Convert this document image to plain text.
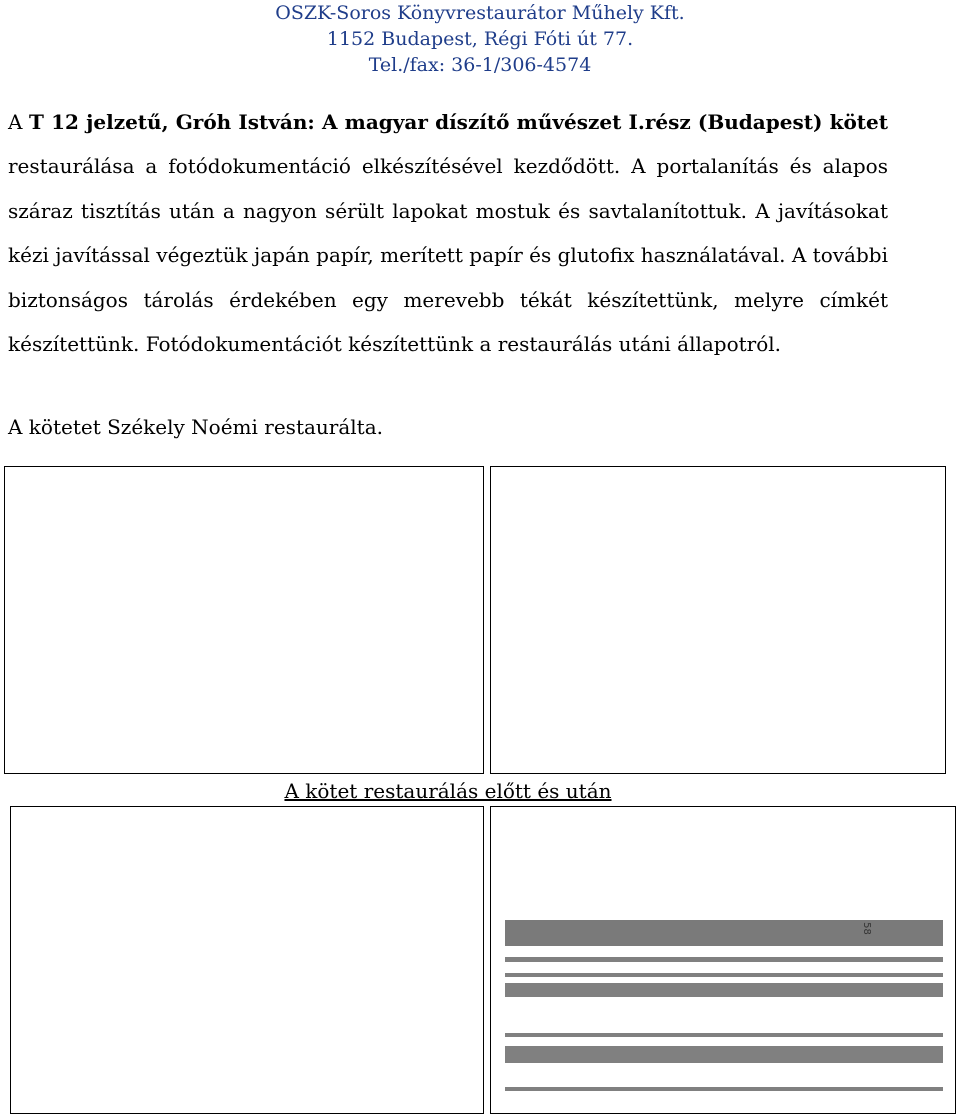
OSZK-Soros Könyvrestaurátor Műhely Kft.
1152 Budapest, Régi Fóti út 77.
Tel./fax: 36-1/306-4574

A T 12 jelzetű, Gróh István: A magyar díszítő művészet I.rész (Budapest) kötet restaurálása a fotódokumentáció elkészítésével kezdődött. A portalanítás és alapos száraz tisztítás után a nagyon sérült lapokat mostuk és savtalanítottuk. A javításokat kézi javítással végeztük japán papír, merített papír és glutofix használatával. A további biztonságos tárolás érdekében egy merevebb tékát készítettünk, melyre címkét készítettünk. Fotódokumentációt készítettünk a restaurálás utáni állapotról.

A kötetet Székely Noémi restaurálta.

A kötet restaurálás előtt és után
58
